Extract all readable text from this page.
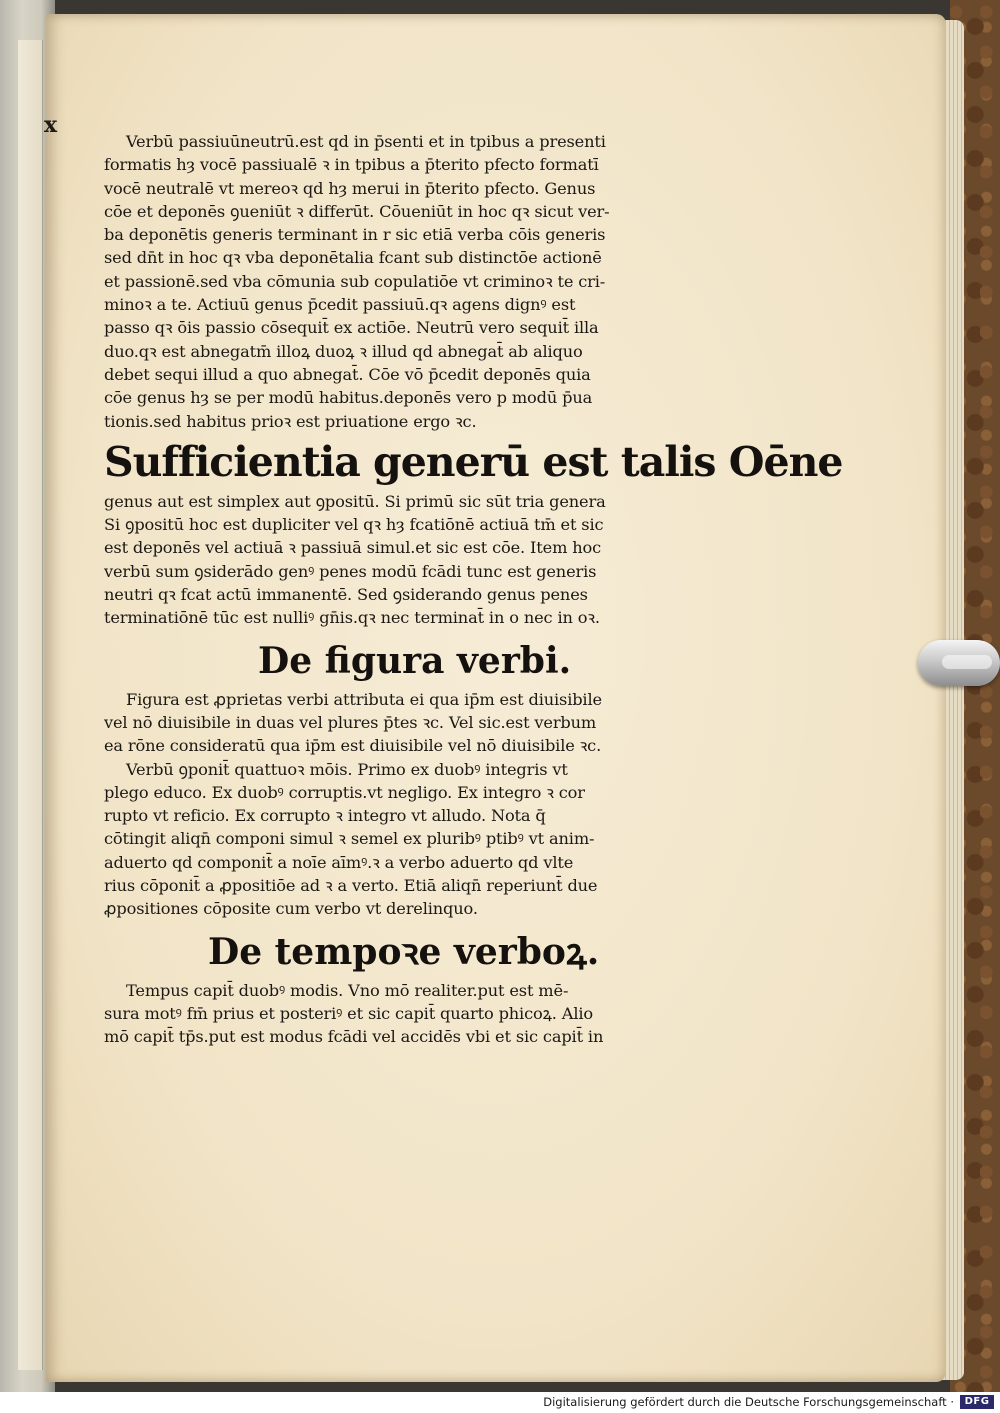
x
Verbū passiuūneutrū.est qd in p̄senti et in tpibus a presenti
formatis hȝ vocē passiualē ꝛ in tpibus a p̄terito pfecto formatī
vocē neutralē vt mereoꝛ qd hȝ merui in p̄terito pfecto. Genus
cōe et deponēs ꝯueniūt ꝛ differūt. Cōueniūt in hoc qꝛ sicut ver-
ba deponētis generis terminant in r sic etiā verba cōis generis
sed dn̄t in hoc qꝛ vba deponētalia fcant sub distinctōe actionē
et passionē.sed vba cōmunia sub copulatiōe vt criminoꝛ te cri-
minoꝛ a te. Actiuū genus p̄cedit passiuū.qꝛ agens dignꝰ est
passo qꝛ ōis passio cōsequit̄ ex actiōe. Neutrū vero sequit̄ illa
duo.qꝛ est abnegatm̄ illoꝝ duoꝝ ꝛ illud qd abnegat̄ ab aliquo
debet sequi illud a quo abnegat̄. Cōe vō p̄cedit deponēs quia
cōe genus hȝ se per modū habitus.deponēs vero p modū p̄ua
tionis.sed habitus prioꝛ est priuatione ergo ꝛc.
Sufficientia generū est talis Oēne
genus aut est simplex aut ꝯpositū. Si primū sic sūt tria genera
Si ꝯpositū hoc est dupliciter vel qꝛ hȝ fcatiōnē actiuā tm̄ et sic
est deponēs vel actiuā ꝛ passiuā simul.et sic est cōe. Item hoc
verbū sum ꝯsiderādo genꝰ penes modū fcādi tunc est generis
neutri qꝛ fcat actū immanentē. Sed ꝯsiderando genus penes
terminatiōnē tūc est nulliꝰ gn̄is.qꝛ nec terminat̄ in o nec in oꝛ.
De figura verbi.
Figura est ꝓprietas verbi attributa ei qua ip̄m est diuisibile
vel nō diuisibile in duas vel plures p̄tes ꝛc. Vel sic.est verbum
ea rōne consideratū qua ip̄m est diuisibile vel nō diuisibile ꝛc.
Verbū ꝯponit̄ quattuoꝛ mōis. Primo ex duobꝰ integris vt
plego educo. Ex duobꝰ corruptis.vt negligo. Ex integro ꝛ cor
rupto vt reficio. Ex corrupto ꝛ integro vt alludo. Nota q̄
cōtingit aliqn̄ componi simul ꝛ semel ex pluribꝰ ptibꝰ vt anim-
aduerto qd componit̄ a noīe aīmꝰ.ꝛ a verbo aduerto qd vlte
rius cōponit̄ a ꝓpositiōe ad ꝛ a verto. Etiā aliqn̄ reperiunt̄ due
ꝓpositiones cōposite cum verbo vt derelinquo.
De tempoꝛe verboꝝ.
Tempus capit̄ duobꝰ modis. Vno mō realiter.put est mē-
sura motꝰ fm̄ prius et posteriꝰ et sic capit̄ quarto phicoꝝ. Alio
mō capit̄ tp̄s.put est modus fcādi vel accidēs vbi et sic capit̄ in
Digitalisierung gefördert durch die Deutsche Forschungsgemeinschaft ·	DFG
